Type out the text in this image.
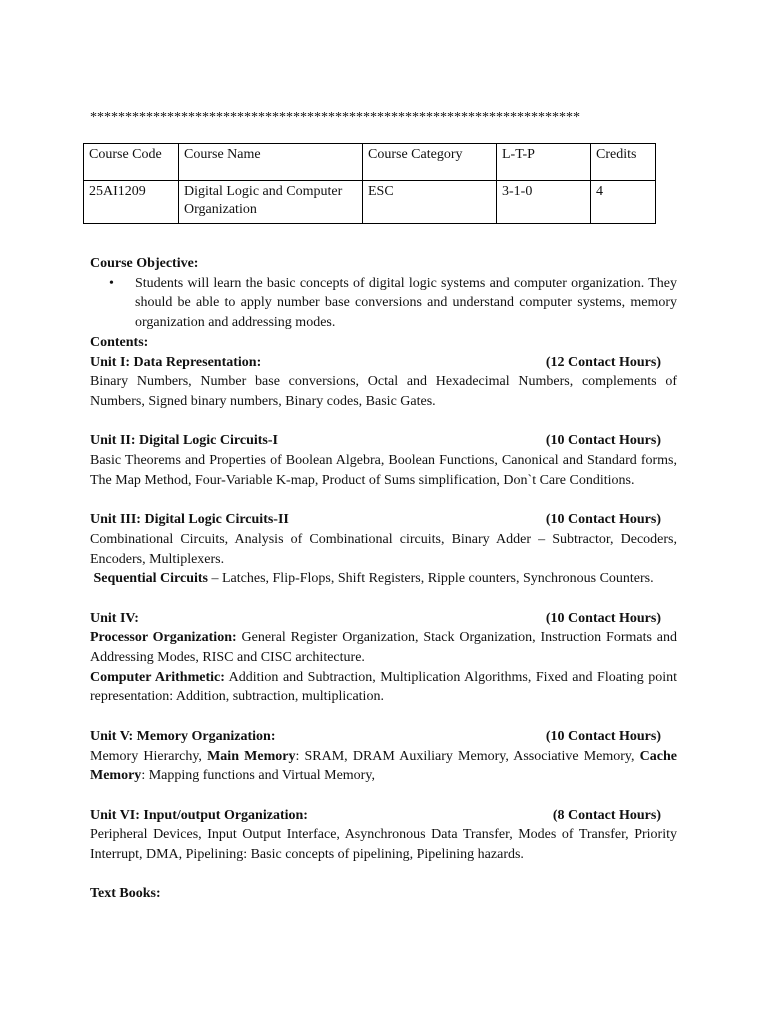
**********************************************************************
Course Code	Course Name	Course Category	L-T-P	Credits
25AI1209	Digital Logic and Computer Organization	ESC	3-1-0	4
Course Objective:
• Students will learn the basic concepts of digital logic systems and computer organization. They should be able to apply number base conversions and understand computer systems, memory organization and addressing modes.
Contents:
Unit I: Data Representation:	(12 Contact Hours)
Binary Numbers, Number base conversions, Octal and Hexadecimal Numbers, complements of Numbers, Signed binary numbers, Binary codes, Basic Gates.
Unit II: Digital Logic Circuits-I	(10 Contact Hours)
Basic Theorems and Properties of Boolean Algebra, Boolean Functions, Canonical and Standard forms, The Map Method, Four-Variable K-map, Product of Sums simplification, Don`t Care Conditions.
Unit III: Digital Logic Circuits-II	(10 Contact Hours)
Combinational Circuits, Analysis of Combinational circuits, Binary Adder – Subtractor, Decoders, Encoders, Multiplexers.
Sequential Circuits – Latches, Flip-Flops, Shift Registers, Ripple counters, Synchronous Counters.
Unit IV:	(10 Contact Hours)
Processor Organization: General Register Organization, Stack Organization, Instruction Formats and Addressing Modes, RISC and CISC architecture.
Computer Arithmetic: Addition and Subtraction, Multiplication Algorithms, Fixed and Floating point representation: Addition, subtraction, multiplication.
Unit V: Memory Organization:	(10 Contact Hours)
Memory Hierarchy, Main Memory: SRAM, DRAM Auxiliary Memory, Associative Memory, Cache Memory: Mapping functions and Virtual Memory,
Unit VI: Input/output Organization:	(8 Contact Hours)
Peripheral Devices, Input Output Interface, Asynchronous Data Transfer, Modes of Transfer, Priority Interrupt, DMA, Pipelining: Basic concepts of pipelining, Pipelining hazards.
Text Books:
